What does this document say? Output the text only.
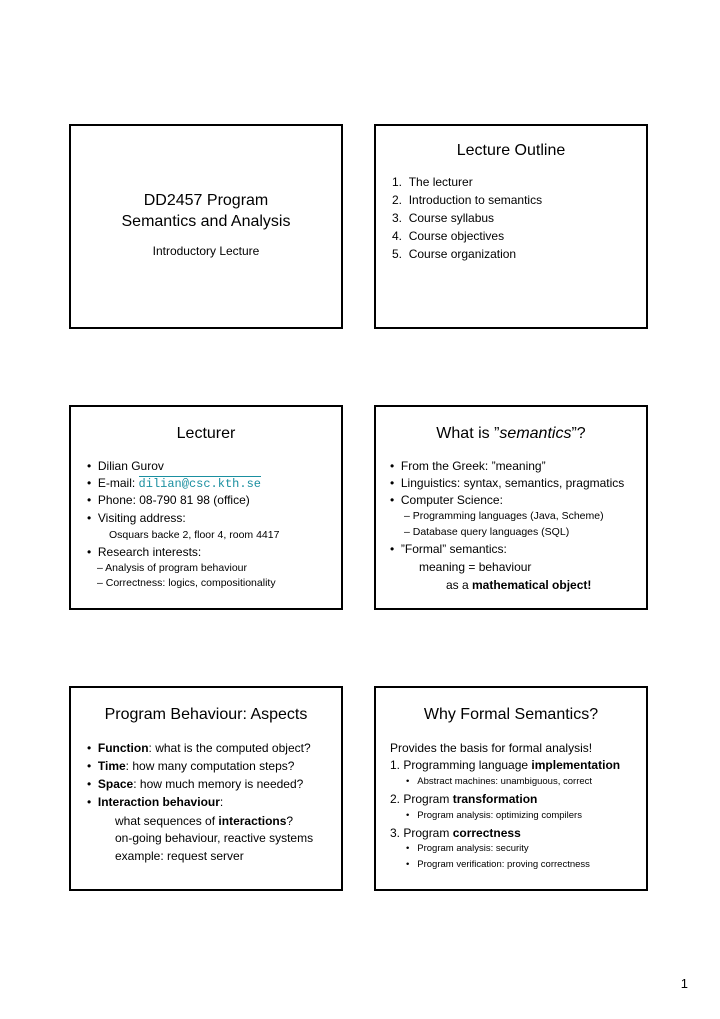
DD2457 Program
Semantics and Analysis
Introductory Lecture
Lecture Outline
1. The lecturer
2. Introduction to semantics
3. Course syllabus
4. Course objectives
5. Course organization
Lecturer
•  Dilian Gurov
•  E-mail: dilian@csc.kth.se
•  Phone: 08-790 81 98 (office)
•  Visiting address:
Osquars backe 2, floor 4, room 4417
•  Research interests:
– Analysis of program behaviour
– Correctness: logics, compositionality
What is ”semantics”?
•  From the Greek: ”meaning”
•  Linguistics: syntax, semantics, pragmatics
•  Computer Science:
– Programming languages (Java, Scheme)
– Database query languages (SQL)
•  ”Formal” semantics:
meaning = behaviour
as a mathematical object!
Program Behaviour: Aspects
•  Function: what is the computed object?
•  Time: how many computation steps?
•  Space: how much memory is needed?
•  Interaction behaviour:
what sequences of interactions?
on-going behaviour, reactive systems
example: request server
Why Formal Semantics?
Provides the basis for formal analysis!
1. Programming language implementation
•   Abstract machines: unambiguous, correct
2. Program transformation
•   Program analysis: optimizing compilers
3. Program correctness
•   Program analysis: security
•   Program verification: proving correctness
1
